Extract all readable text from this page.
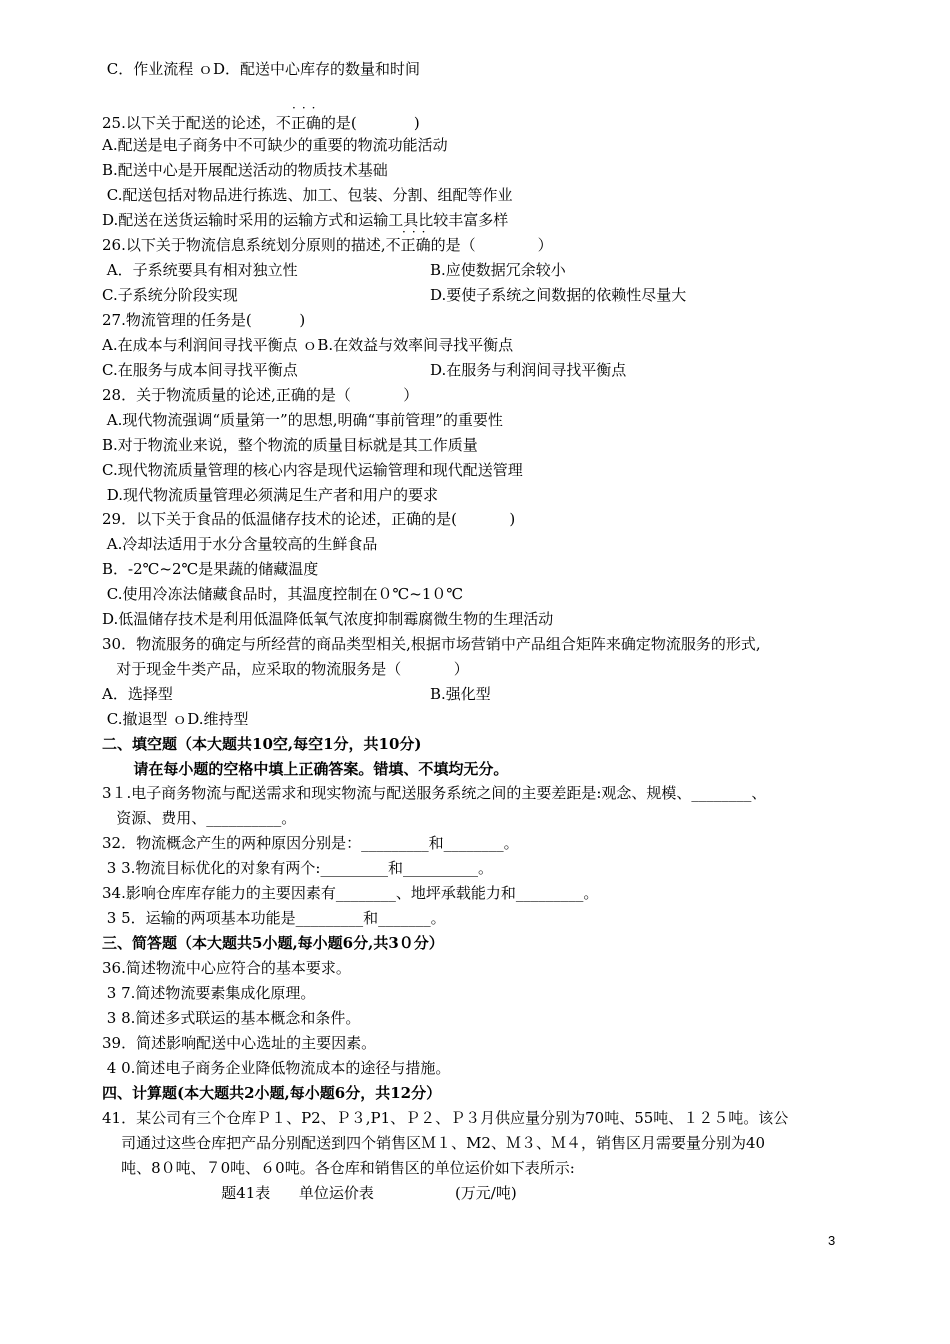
C．作业流程 ｏD．配送中心库存的数量和时间
25.以下关于配送的论述，不正确的是(            )
A.配送是电子商务中不可缺少的重要的物流功能活动
B.配送中心是开展配送活动的物质技术基础
C.配送包括对物品进行拣选、加工、包装、分割、组配等作业
D.配送在送货运输时采用的运输方式和运输工具比较丰富多样
26.以下关于物流信息系统划分原则的描述,不正确的是（             ）
A．子系统要具有相对独立性	B.应使数据冗余较小
C.子系统分阶段实现	D.要使子系统之间数据的依赖性尽量大
27.物流管理的任务是(          )
A.在成本与利润间寻找平衡点 ｏB.在效益与效率间寻找平衡点
C.在服务与成本间寻找平衡点	D.在服务与利润间寻找平衡点
28．关于物流质量的论述,正确的是（           ）
A.现代物流强调“质量第一”的思想,明确“事前管理”的重要性
B.对于物流业来说，整个物流的质量目标就是其工作质量
C.现代物流质量管理的核心内容是现代运输管理和现代配送管理
D.现代物流质量管理必须满足生产者和用户的要求
29．以下关于食品的低温储存技术的论述，正确的是(           )
A.冷却法适用于水分含量较高的生鲜食品
B．-2℃~2℃是果蔬的储藏温度
C.使用冷冻法储藏食品时，其温度控制在０℃~1０℃
D.低温储存技术是利用低温降低氧气浓度抑制霉腐微生物的生理活动
30．物流服务的确定与所经营的商品类型相关,根据市场营销中产品组合矩阵来确定物流服务的形式,
对于现金牛类产品，应采取的物流服务是（           ）
A．选择型	B.强化型
C.撤退型 ｏD.维持型
二、填空题（本大题共10空,每空1分，共10分)
请在每小题的空格中填上正确答案。错填、不填均无分。
3１.电子商务物流与配送需求和现实物流与配送服务系统之间的主要差距是:观念、规模、________、
资源、费用、__________。
32．物流概念产生的两种原因分别是：_________和________。
3 3.物流目标优化的对象有两个:_________和__________。
34.影响仓库库存能力的主要因素有________、地坪承载能力和_________。
3 5．运输的两项基本功能是_________和_______。
三、简答题（本大题共5小题,每小题6分,共3０分）
36.简述物流中心应符合的基本要求。
3 7.简述物流要素集成化原理。
3 8.简述多式联运的基本概念和条件。
39．简述影响配送中心选址的主要因素。
4 0.简述电子商务企业降低物流成本的途径与措施。
四、计算题(本大题共2小题,每小题6分，共12分）
41．某公司有三个仓库Ｐ１、P2、Ｐ３,P1、Ｐ２、Ｐ３月供应量分别为70吨、55吨、１２５吨。该公
司通过这些仓库把产品分别配送到四个销售区Ｍ１、M2、Ｍ３、Ｍ４，销售区月需要量分别为40
吨、8０吨、７0吨、６0吨。各仓库和销售区的单位运价如下表所示:
题41表      单位运价表                 (万元/吨)
···
···
3
